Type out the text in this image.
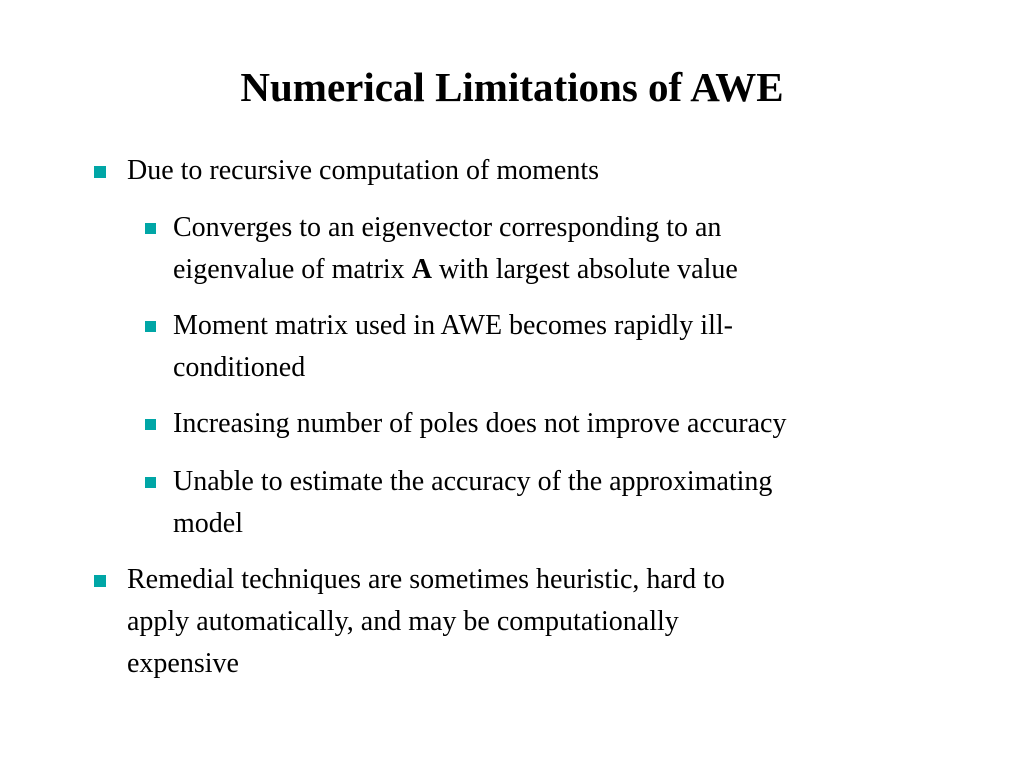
Numerical Limitations of AWE

Due to recursive computation of moments

Converges to an eigenvector corresponding to an

eigenvalue of matrix A with largest absolute value

Moment matrix used in AWE becomes rapidly ill-

conditioned

Increasing number of poles does not improve accuracy

Unable to estimate the accuracy of the approximating

model

Remedial techniques are sometimes heuristic, hard to

apply automatically, and may be computationally

expensive
